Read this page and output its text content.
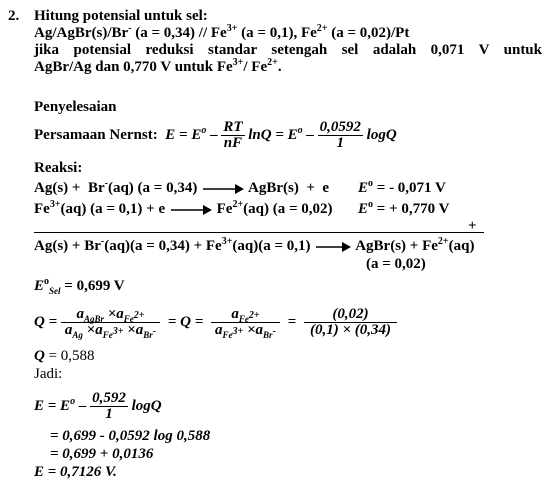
2. Hitung potensial untuk sel:
Ag/AgBr(s)/Br- $(a = 0,34) // Fe^{3+}$ (a = 0,1), $Fe^{2+}$ (a = 0,02)/Pt
jika potensial reduksi standar setengah sel adalah 0,071 V untuk
AgBr/Ag dan 0,770 V untuk $Fe^{3+}/$ $Fe^{2+}$.
Penyelesaian
Persamaan Nernst: $E = E^o - \frac{RT}{nF}$ $\ln Q = E^o - \frac{0,0592}{1}$ logQ
Reaksi:
Ag(s) +  Br-(aq) (a = 0,34) → AgBr(s)  +  e $E^o$ = - 0,071 V
$Fe^{3+}(aq) (a = 0,1) + e \to Fe^{2+}(aq) (a = 0,02) E^o$ = + 0,770 V
+
$Ag(s) + Br^-(aq)(a = 0,34) + Fe^{3+}(aq)(a = 0,1)$ → AgBr(s) + $Fe^{2+}(aq)$
(a = 0,02)
$E^o_{Sel} = 0,699$ V
$Q = \frac{a_{AgBr} \times a_{Fe^{2+}}}{a_{Ag} \times a_{Fe^{3+}} \times a_{Br^-}} = Q = \frac{a_{Fe^{2+}}}{a_{Fe^{3+}} \times a_{Br^-}} = \frac{(0,02)}{(0,1) \times (0,34)}$
Q = 0,588
Jadi:
$E = E^o - \frac{0,592}{1}$ logQ
= 0,699 - 0,0592 log 0,588
= 0,699 + 0,0136
E = 0,7126 V.
